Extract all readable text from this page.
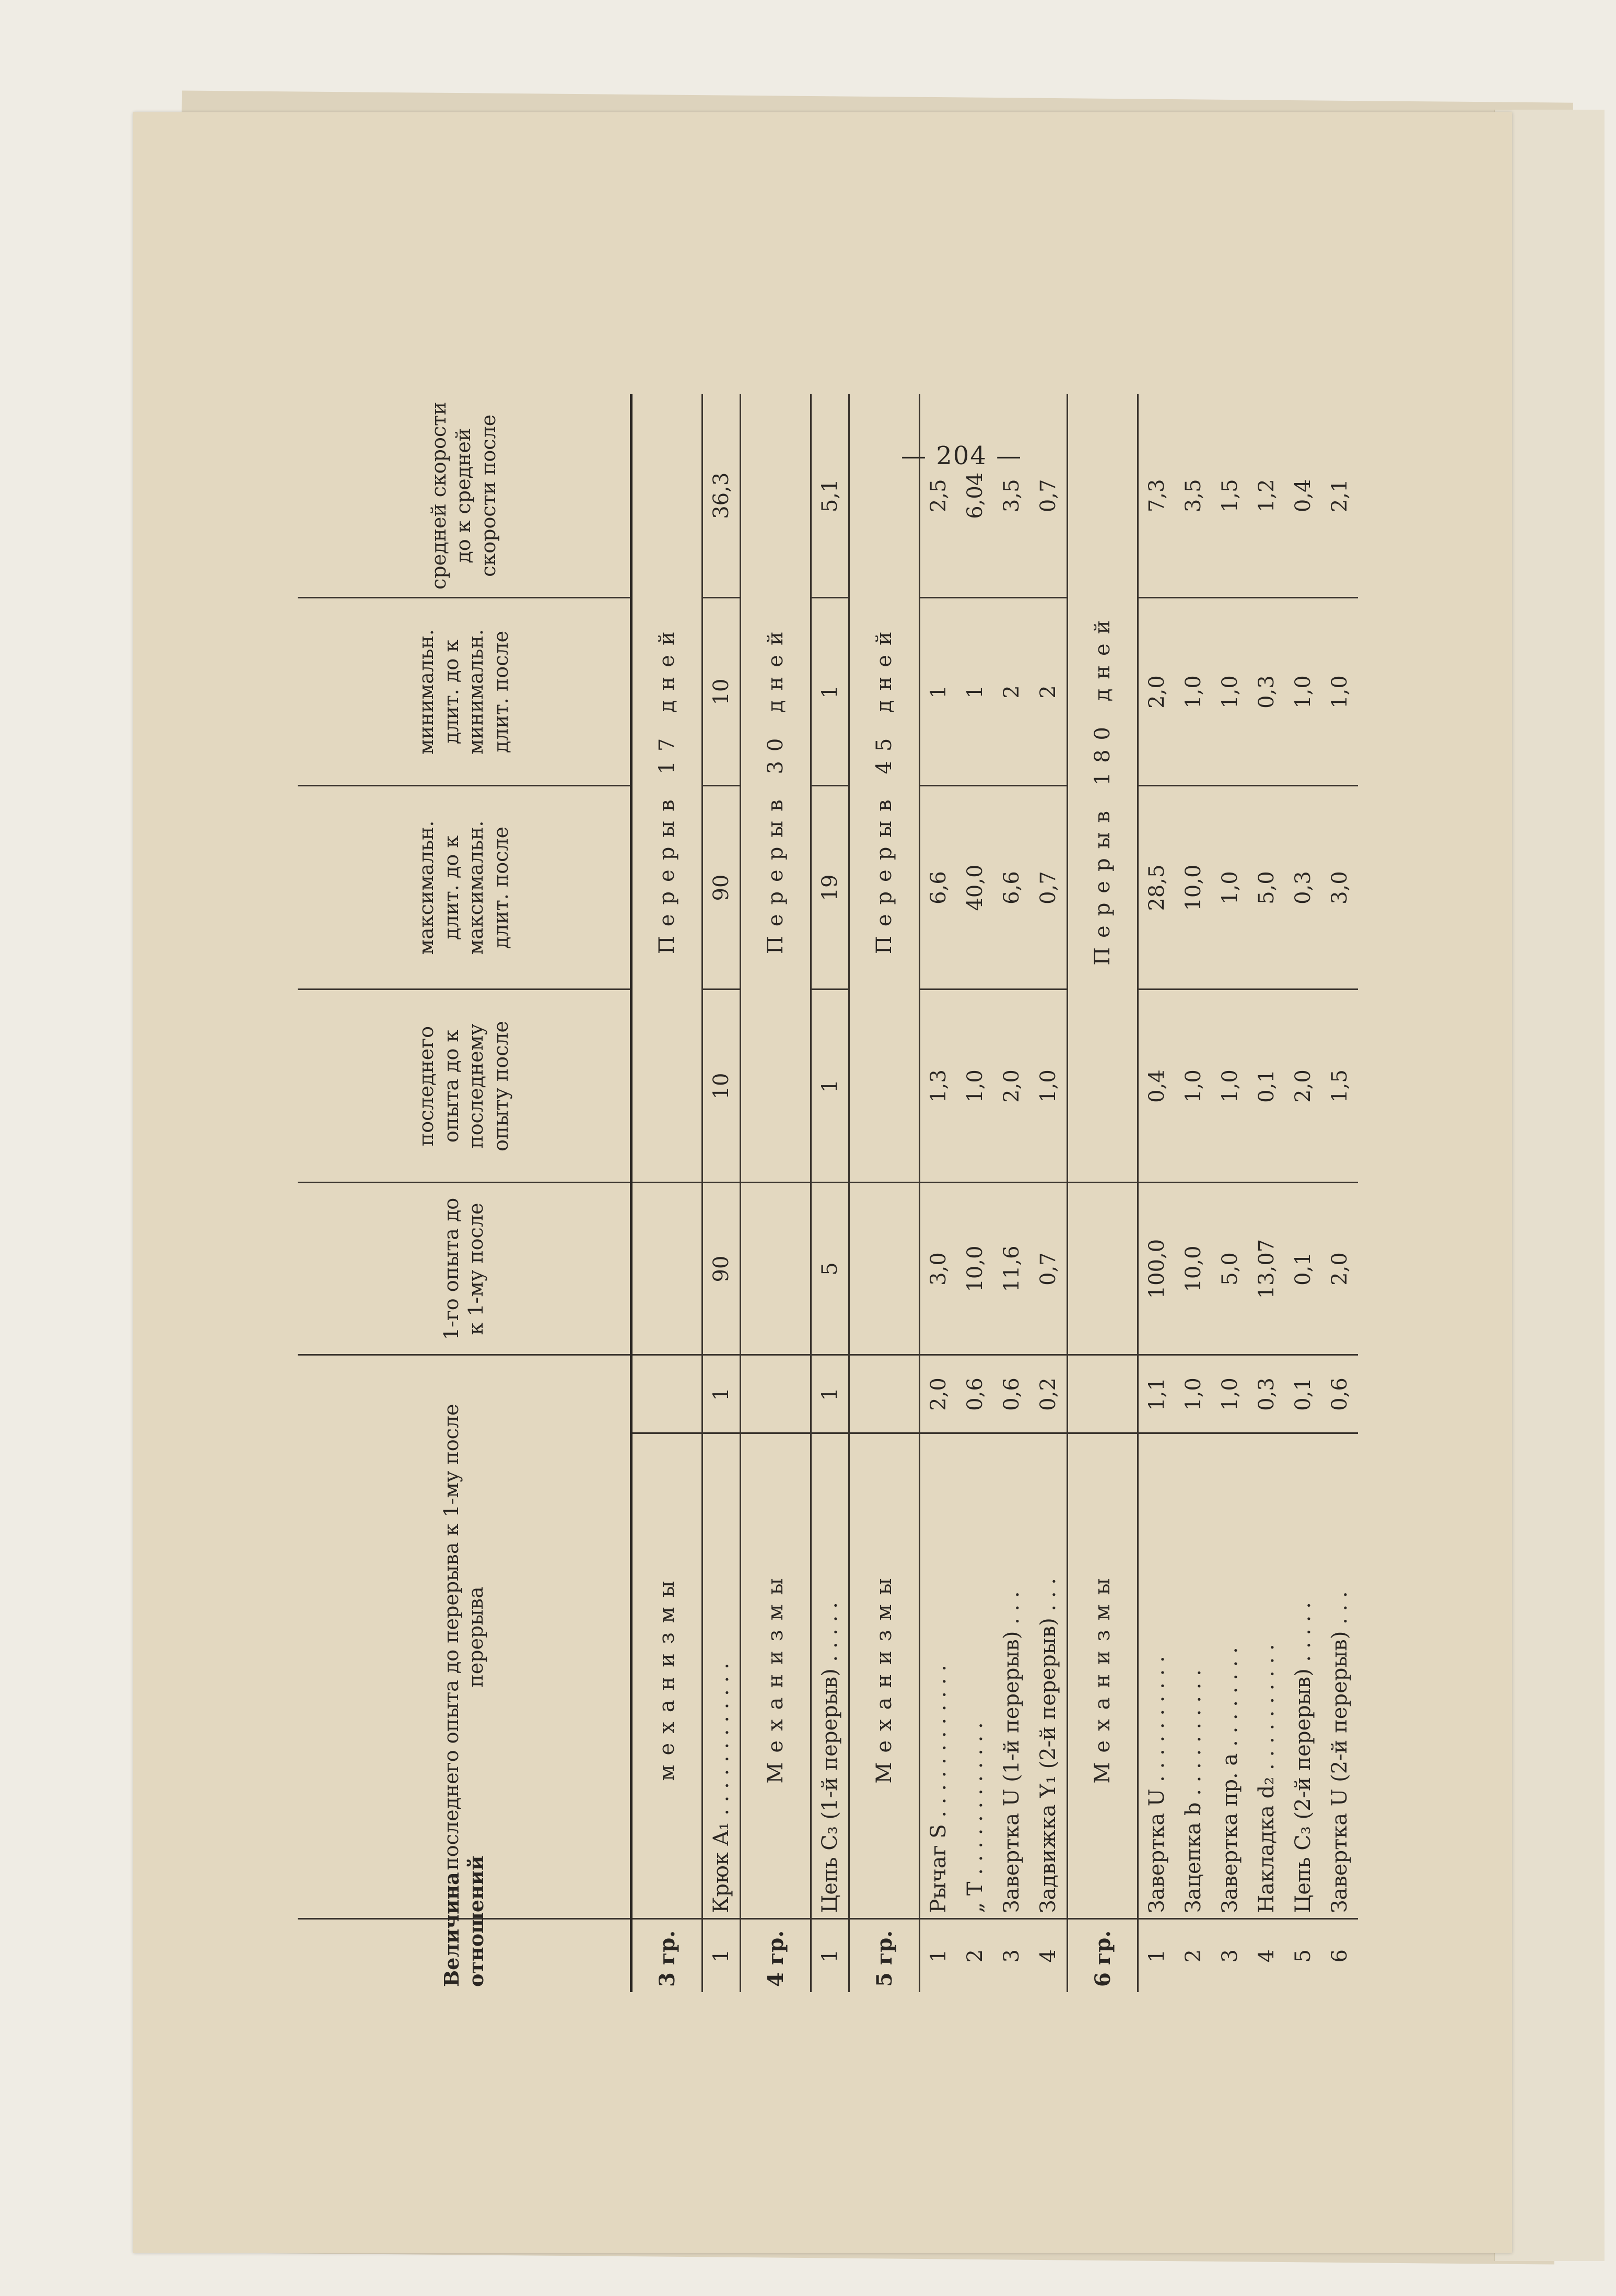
— 204 —
Величина отношений	последнего опыта до перерыва к 1-му после перерыва		1-го опыта до к 1-му после	последнего опыта до к последнему опыту после	максимальн. длит. до к максимальн. длит. после	минимальн. длит. до к минимальн. длит. после	средней скорости до к средней скорости после
3 гр.	механизмы			Перерыв 17 дней			
1	Крюк A₁ . . . . . . . . . . . .	1	90	10	90	10	36,3
4 гр.	Механизмы			Перерыв 30 дней			
1	Цепь C₃ (1-й перерыв) . . . . .	1	5	1	19	1	5,1
5 гр.	Механизмы			Перерыв 45 дней			
1	Рычаг S . . . . . . . . . . . .	2,0	3,0	1,3	6,6	1	2,5
2	„ T . . . . . . . . . . . .	0,6	10,0	1,0	40,0	1	6,04
3	Завертка U (1-й перерыв) . . .	0,6	11,6	2,0	6,6	2	3,5
4	Задвижка Y₁ (2-й перерыв) . . .	0,2	0,7	1,0	0,7	2	0,7
6 гр.	Механизмы			Перерыв 180 дней			
1	Завертка U . . . . . . . . . .	1,1	100,0	0,4	28,5	2,0	7,3
2	Зацепка b . . . . . . . . . .	1,0	10,0	1,0	10,0	1,0	3,5
3	Завертка пр. a . . . . . . . .	1,0	5,0	1,0	1,0	1,0	1,5
4	Накладка d₂ . . . . . . . . . .	0,3	13,07	0,1	5,0	0,3	1,2
5	Цепь C₃ (2-й перерыв) . . . . .	0,1	0,1	2,0	0,3	1,0	0,4
6	Завертка U (2-й перерыв) . . .	0,6	2,0	1,5	3,0	1,0	2,1
